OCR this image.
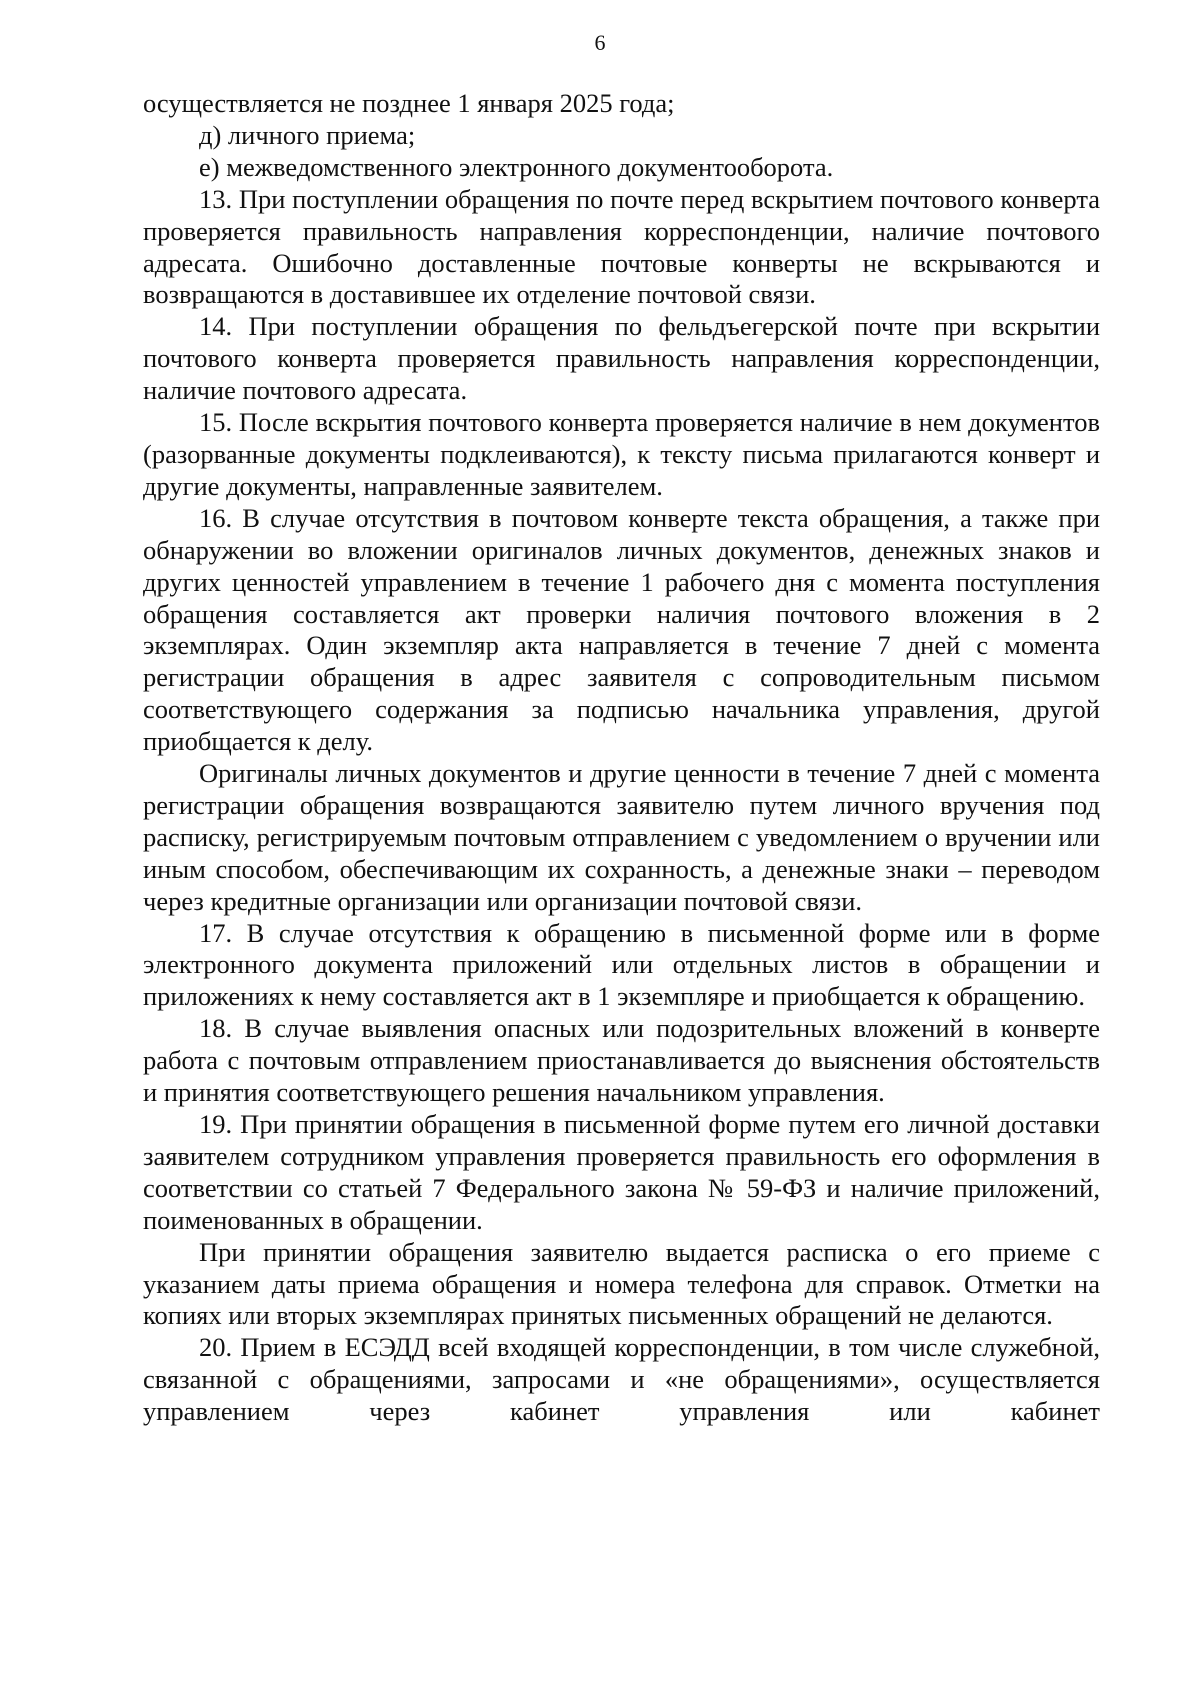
6

осуществляется не позднее 1 января 2025 года;

д) личного приема;

е) межведомственного электронного документооборота.

13. При поступлении обращения по почте перед вскрытием почтового конверта проверяется правильность направления корреспонденции, наличие почтового адресата. Ошибочно доставленные почтовые конверты не вскрываются и возвращаются в доставившее их отделение почтовой связи.

14. При поступлении обращения по фельдъегерской почте при вскрытии почтового конверта проверяется правильность направления корреспонденции, наличие почтового адресата.

15. После вскрытия почтового конверта проверяется наличие в нем документов (разорванные документы подклеиваются), к тексту письма прилагаются конверт и другие документы, направленные заявителем.

16. В случае отсутствия в почтовом конверте текста обращения, а также при обнаружении во вложении оригиналов личных документов, денежных знаков и других ценностей управлением в течение 1 рабочего дня с момента поступления обращения составляется акт проверки наличия почтового вложения в 2 экземплярах. Один экземпляр акта направляется в течение 7 дней с момента регистрации обращения в адрес заявителя с сопроводительным письмом соответствующего содержания за подписью начальника управления, другой приобщается к делу.

Оригиналы личных документов и другие ценности в течение 7 дней с момента регистрации обращения возвращаются заявителю путем личного вручения под расписку, регистрируемым почтовым отправлением с уведомлением о вручении или иным способом, обеспечивающим их сохранность, а денежные знаки – переводом через кредитные организации или организации почтовой связи.

17. В случае отсутствия к обращению в письменной форме или в форме электронного документа приложений или отдельных листов в обращении и приложениях к нему составляется акт в 1 экземпляре и приобщается к обращению.

18. В случае выявления опасных или подозрительных вложений в конверте работа с почтовым отправлением приостанавливается до выяснения обстоятельств и принятия соответствующего решения начальником управления.

19. При принятии обращения в письменной форме путем его личной доставки заявителем сотрудником управления проверяется правильность его оформления в соответствии со статьей 7 Федерального закона № 59-ФЗ и наличие приложений, поименованных в обращении.

При принятии обращения заявителю выдается расписка о его приеме с указанием даты приема обращения и номера телефона для справок. Отметки на копиях или вторых экземплярах принятых письменных обращений не делаются.

20. Прием в ЕСЭДД всей входящей корреспонденции, в том числе служебной, связанной с обращениями, запросами и «не обращениями», осуществляется управлением через кабинет управления или кабинет
